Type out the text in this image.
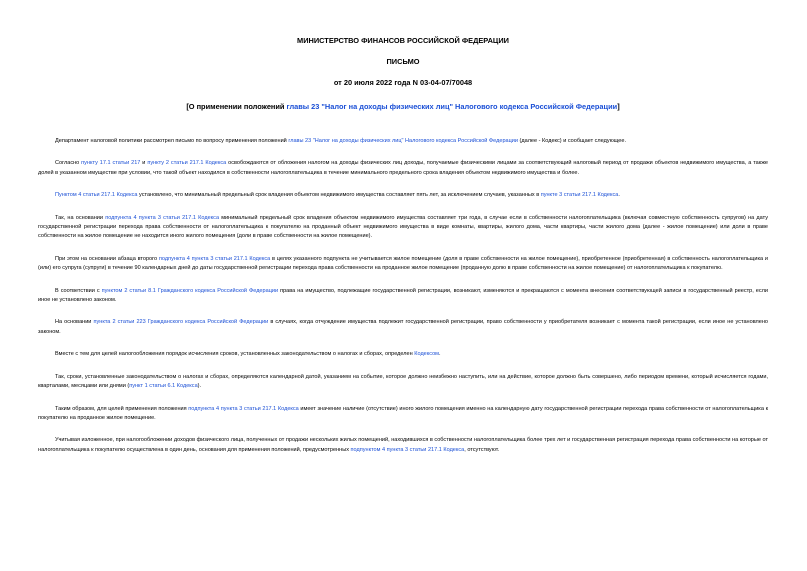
МИНИСТЕРСТВО ФИНАНСОВ РОССИЙСКОЙ ФЕДЕРАЦИИ

ПИСЬМО

от 20 июля 2022 года N 03-04-07/70048

[О применении положений главы 23 "Налог на доходы физических лиц" Налогового кодекса Российской Федерации]

Департамент налоговой политики рассмотрел письмо по вопросу применения положений главы 23 "Налог на доходы физических лиц" Налогового кодекса Российской Федерации (далее - Кодекс) и сообщает следующее.

Согласно пункту 17.1 статьи 217 и пункту 2 статьи 217.1 Кодекса освобождаются от обложения налогом на доходы физических лиц доходы, получаемые физическими лицами за соответствующий налоговый период от продажи объектов недвижимого имущества, а также долей в указанном имуществе при условии, что такой объект находился в собственности налогоплательщика в течение минимального предельного срока владения объектом недвижимого имущества и более.

Пунктом 4 статьи 217.1 Кодекса установлено, что минимальный предельный срок владения объектом недвижимого имущества составляет пять лет, за исключением случаев, указанных в пункте 3 статьи 217.1 Кодекса.

Так, на основании подпункта 4 пункта 3 статьи 217.1 Кодекса минимальный предельный срок владения объектом недвижимого имущества составляет три года, в случае если в собственности налогоплательщика (включая совместную собственность супругов) на дату государственной регистрации перехода права собственности от налогоплательщика к покупателю на проданный объект недвижимого имущества в виде комнаты, квартиры, жилого дома, части квартиры, части жилого дома (далее - жилое помещение) или доли в праве собственности на жилое помещение не находится иного жилого помещения (доли в праве собственности на жилое помещение).

При этом на основании абзаца второго подпункта 4 пункта 3 статьи 217.1 Кодекса в целях указанного подпункта не учитывается жилое помещение (доля в праве собственности на жилое помещение), приобретенное (приобретенная) в собственность налогоплательщика и (или) его супруга (супруги) в течение 90 календарных дней до даты государственной регистрации перехода права собственности на проданное жилое помещение (проданную долю в праве собственности на жилое помещение) от налогоплательщика к покупателю.

В соответствии с пунктом 2 статьи 8.1 Гражданского кодекса Российской Федерации права на имущество, подлежащие государственной регистрации, возникают, изменяются и прекращаются с момента внесения соответствующей записи в государственный реестр, если иное не установлено законом.

На основании пункта 2 статьи 223 Гражданского кодекса Российской Федерации в случаях, когда отчуждение имущества подлежит государственной регистрации, право собственности у приобретателя возникает с момента такой регистрации, если иное не установлено законом.

Вместе с тем для целей налогообложения порядок исчисления сроков, установленных законодательством о налогах и сборах, определен Кодексом.

Так, сроки, установленные законодательством о налогах и сборах, определяются календарной датой, указанием на событие, которое должно неизбежно наступить, или на действие, которое должно быть совершено, либо периодом времени, который исчисляется годами, кварталами, месяцами или днями (пункт 1 статьи 6.1 Кодекса).

Таким образом, для целей применения положения подпункта 4 пункта 3 статьи 217.1 Кодекса имеет значение наличие (отсутствие) иного жилого помещения именно на календарную дату государственной регистрации перехода права собственности от налогоплательщика к покупателю на проданное жилое помещение.

Учитывая изложенное, при налогообложении доходов физического лица, полученных от продажи нескольких жилых помещений, находившихся в собственности налогоплательщика более трех лет и государственная регистрация перехода права собственности на которые от налогоплательщика к покупателю осуществлена в один день, основания для применения положений, предусмотренных подпунктом 4 пункта 3 статьи 217.1 Кодекса, отсутствуют.
